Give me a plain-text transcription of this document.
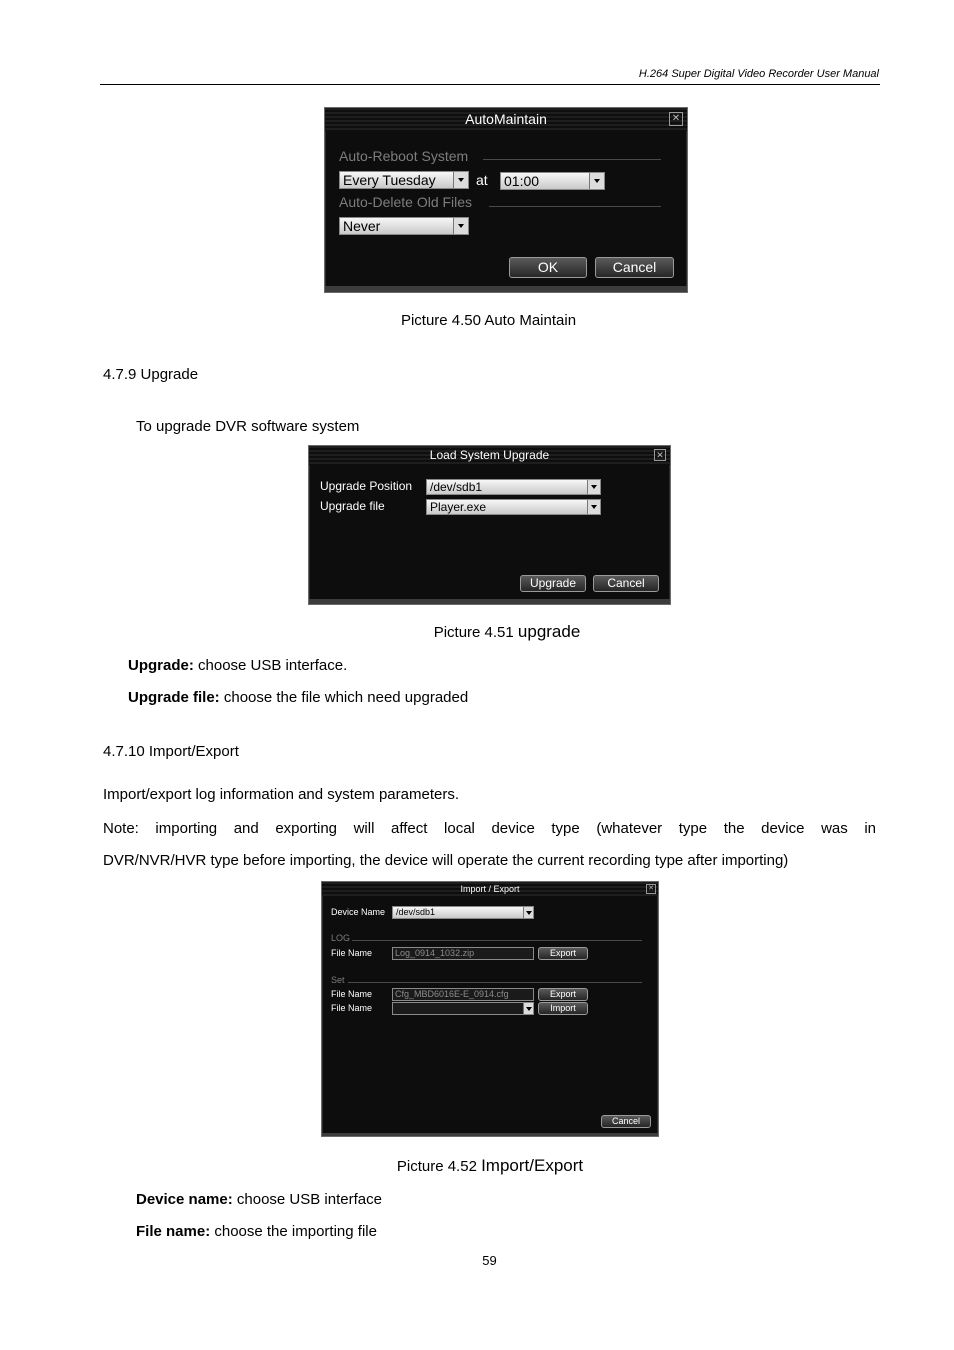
H.264 Super Digital Video Recorder User Manual
AutoMaintain	✕
Auto-Reboot System
Every Tuesday	at 01:00
Auto-Delete Old Files
Never
OK	Cancel
Picture 4.50 Auto Maintain
4.7.9 Upgrade
To upgrade DVR software system
Load System Upgrade	✕
Upgrade Position /dev/sdb1
Upgrade file	Player.exe
Upgrade	Cancel
Picture 4.51 upgrade
Upgrade: choose USB interface.
Upgrade file: choose the file which need upgraded
4.7.10 Import/Export
Import/export log information and system parameters.
Note: importing and exporting will affect local device type (whatever type the device was in
DVR/NVR/HVR type before importing, the device will operate the current recording type after importing)
Import / Export	✕
Device Name /dev/sdb1
LOG
File Name	Log_0914_1032.zip	Export
Set
File Name	Cfg_MBD6016E-E_0914.cfg	Export
File Name	Import
Cancel
Picture 4.52 Import/Export
Device name: choose USB interface
File name: choose the importing file
59
